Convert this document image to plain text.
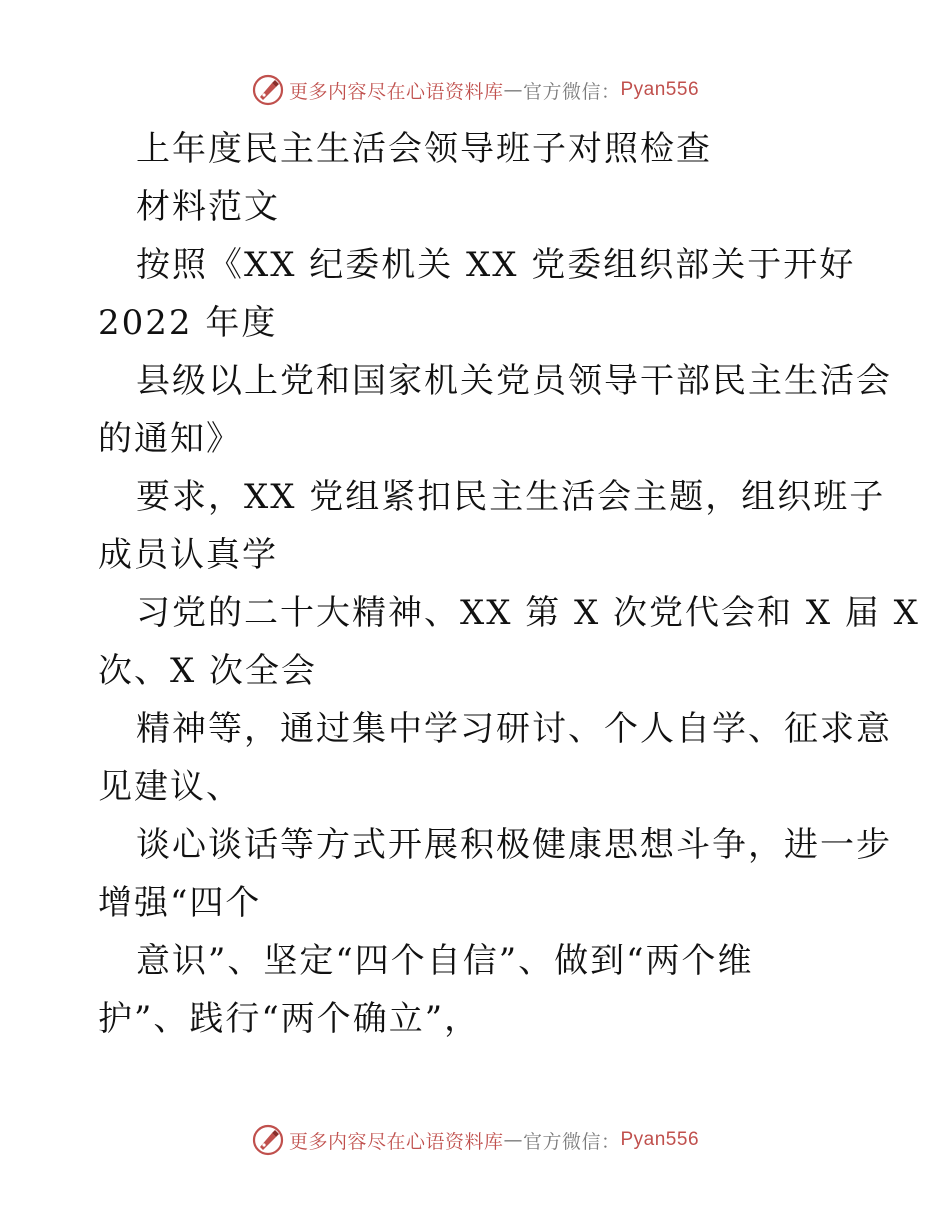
更多内容尽在心语资料库 — 官方微信： Pyan556
上年度民主生活会领导班子对照检查
材料范文
按照《XX 纪委机关 XX 党委组织部关于开好
2022 年度
县级以上党和国家机关党员领导干部民主生活会
的通知》
要求，XX 党组紧扣民主生活会主题，组织班子
成员认真学
习党的二十大精神、XX 第 X 次党代会和 X 届 X
次、X 次全会
精神等，通过集中学习研讨、个人自学、征求意
见建议、
谈心谈话等方式开展积极健康思想斗争，进一步
增强“四个
意识”、坚定“四个自信”、做到“两个维
护”、践行“两个确立”，
更多内容尽在心语资料库 — 官方微信： Pyan556
